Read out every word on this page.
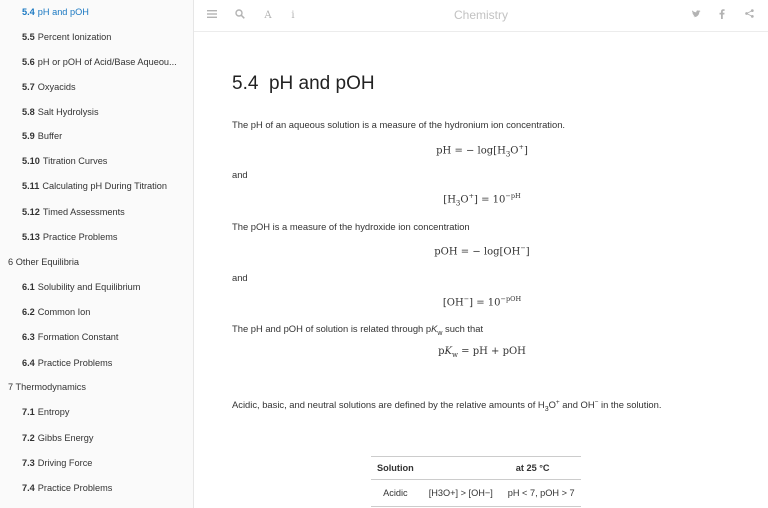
5.4 pH and pOH
5.5 Percent Ionization
5.6 pH or pOH of Acid/Base Aqueou...
5.7 Oxyacids
5.8 Salt Hydrolysis
5.9 Buffer
5.10 Titration Curves
5.11 Calculating pH During Titration
5.12 Timed Assessments
5.13 Practice Problems
6 Other Equilibria
6.1 Solubility and Equilibrium
6.2 Common Ion
6.3 Formation Constant
6.4 Practice Problems
7 Thermodynamics
7.1 Entropy
7.2 Gibbs Energy
7.3 Driving Force
7.4 Practice Problems
A	i	Chemistry
5.4 pH and pOH
The pH of an aqueous solution is a measure of the hydronium ion concentration.
pH = − $\log[H_3O^+]$
and
$[H_3O^+] = 10^{-pH}$
The pOH is a measure of the hydroxide ion concentration
pOH = − log[OH−]
and
$[OH^-] = 10^{-pOH}$
The pH and pOH of solution is related through $pK_w$ such that
$pK_w$ = pH + pOH
Acidic, basic, and neutral solutions are defined by the relative amounts of $H_3O^+$ and OH− in the solution.
Solution		at 25 °C
Acidic	[H3O+] > [OH−]	pH < 7, pOH > 7
